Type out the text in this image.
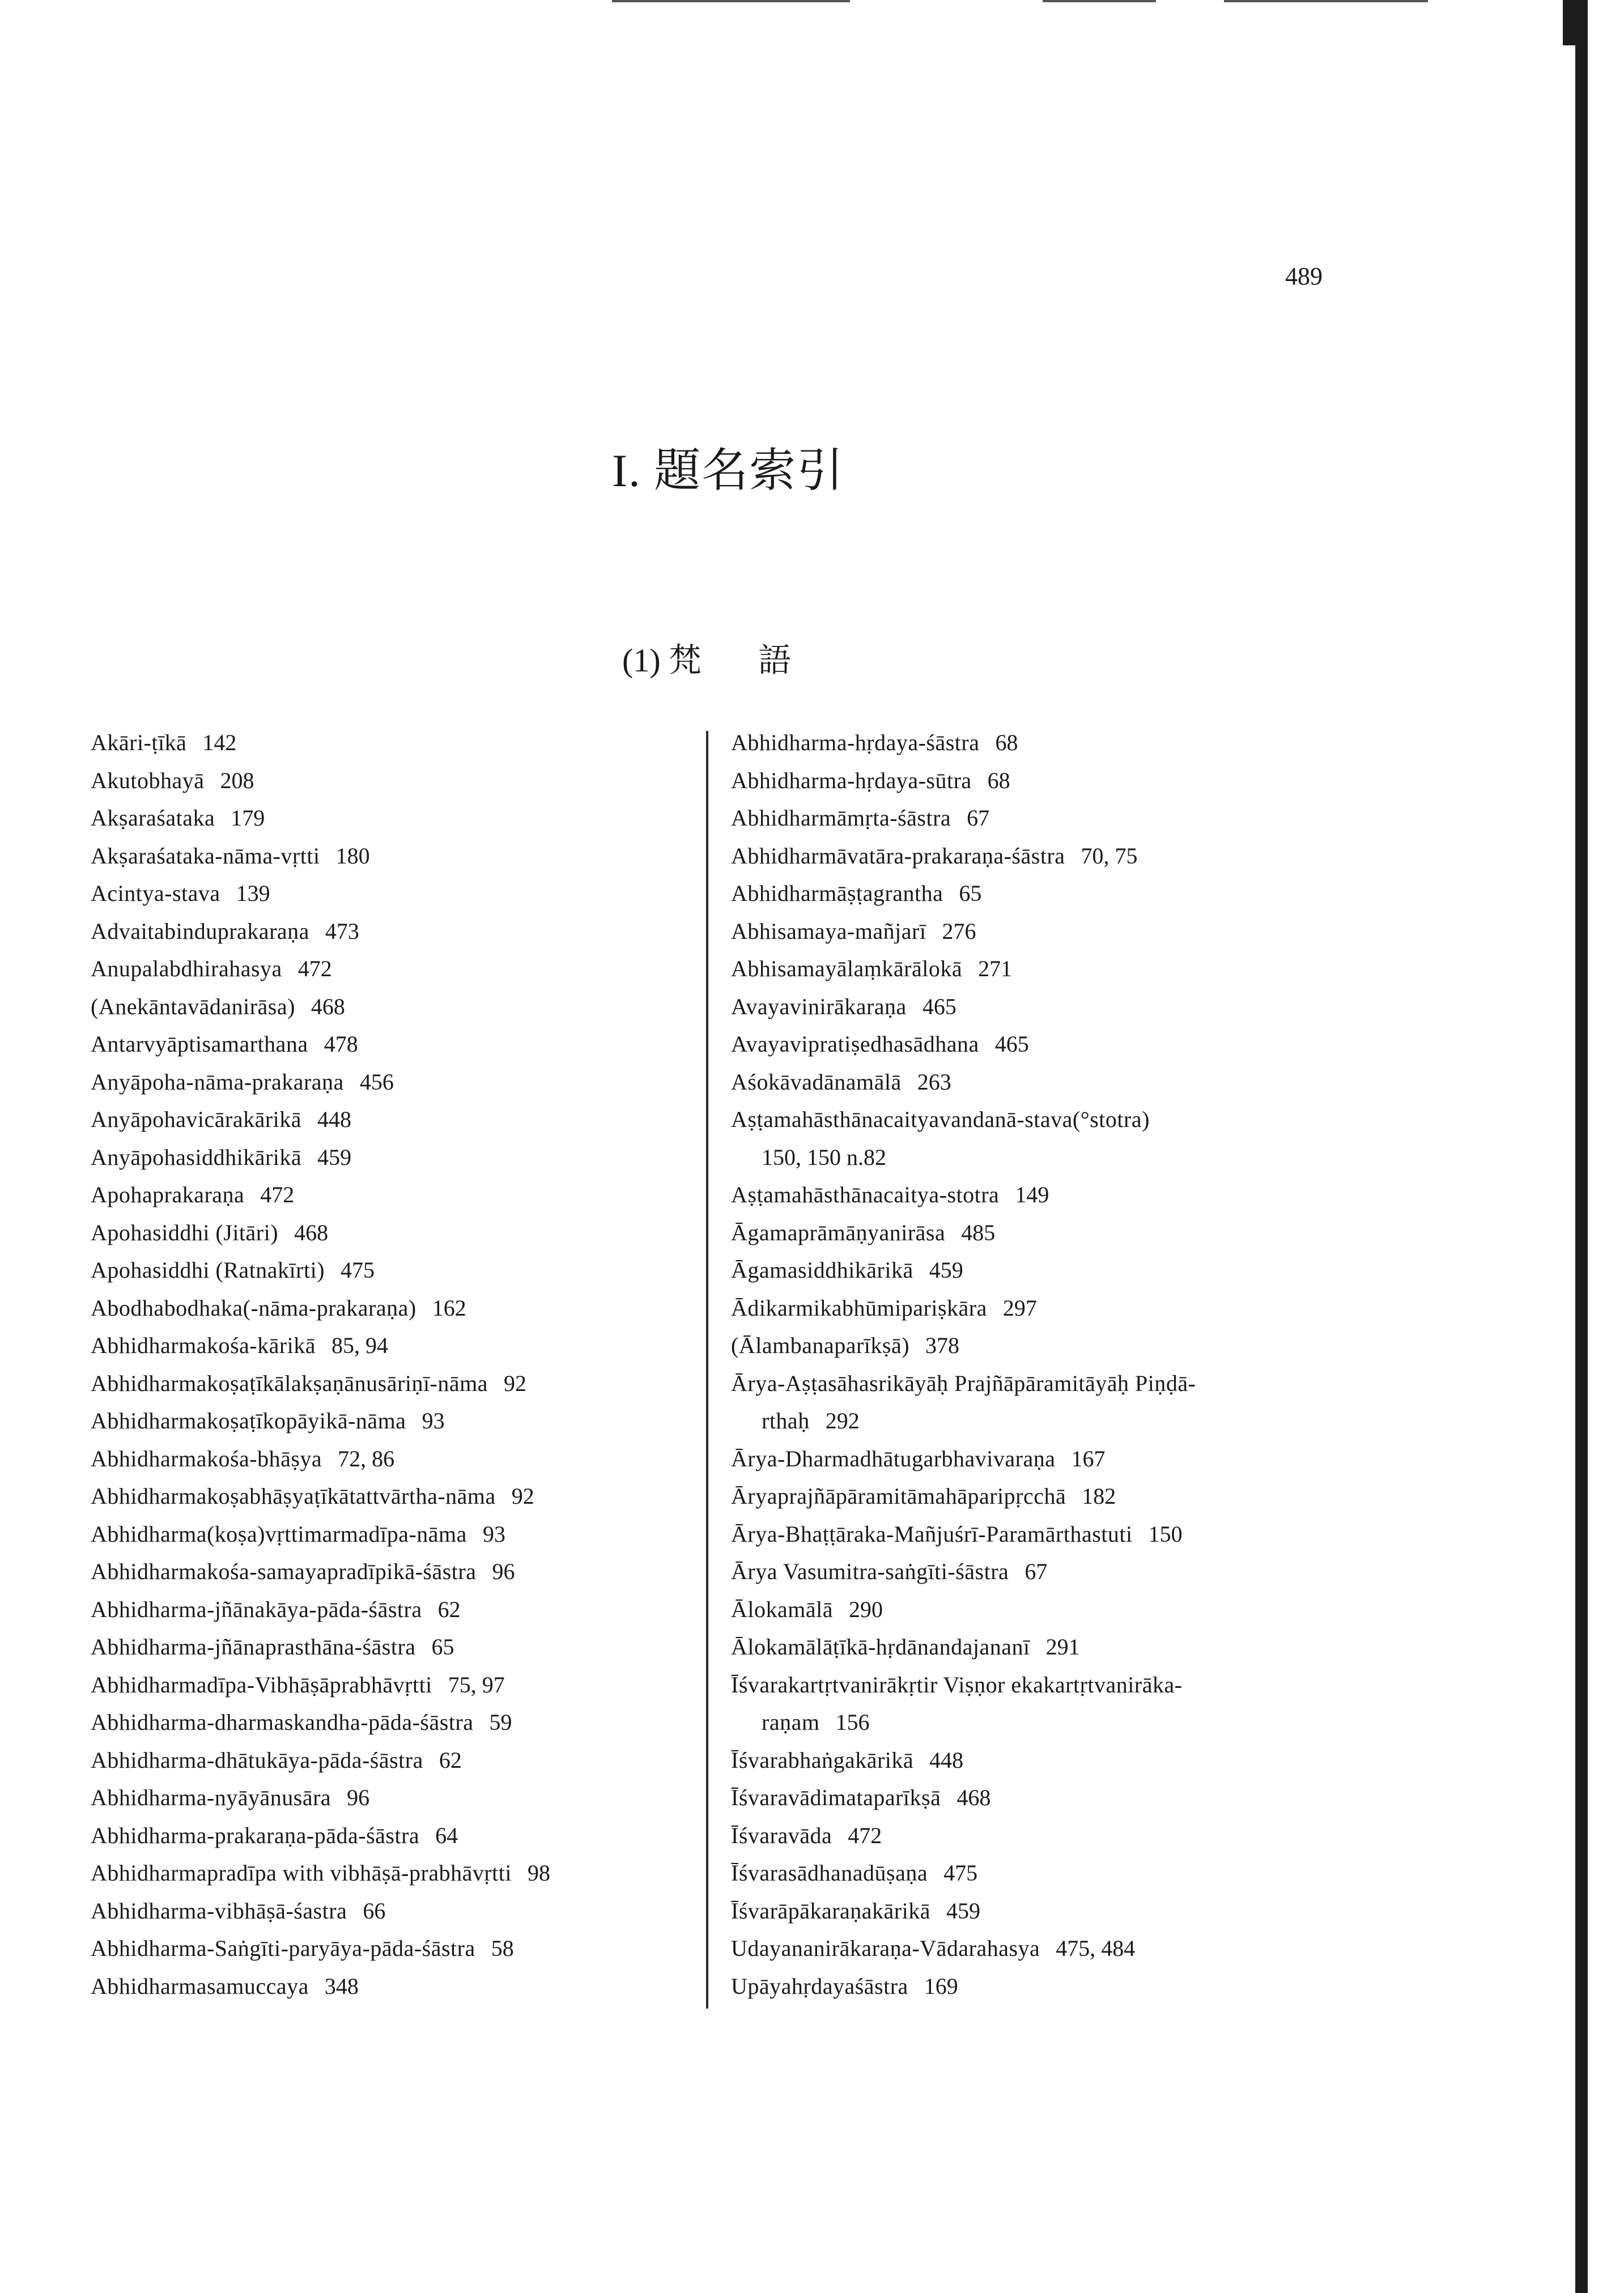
489
I. 題名索引
(1) 梵 語
Akāri-ṭīkā 142
Akutobhayā 208
Akṣaraśataka 179
Akṣaraśataka-nāma-vṛtti 180
Acintya-stava 139
Advaitabinduprakaraṇa 473
Anupalabdhirahasya 472
(Anekāntavādanirāsa) 468
Antarvyāptisamarthana 478
Anyāpoha-nāma-prakaraṇa 456
Anyāpohavicārakārikā 448
Anyāpohasiddhikārikā 459
Apohaprakaraṇa 472
Apohasiddhi (Jitāri) 468
Apohasiddhi (Ratnakīrti) 475
Abodhabodhaka(-nāma-prakaraṇa) 162
Abhidharmakośa-kārikā 85, 94
Abhidharmakoṣaṭīkālakṣaṇānusāriṇī-nāma 92
Abhidharmakoṣaṭīkopāyikā-nāma 93
Abhidharmakośa-bhāṣya 72, 86
Abhidharmakoṣabhāṣyaṭīkātattvārtha-nāma 92
Abhidharma(koṣa)vṛttimarmadīpa-nāma 93
Abhidharmakośa-samayapradīpikā-śāstra 96
Abhidharma-jñānakāya-pāda-śāstra 62
Abhidharma-jñānaprasthāna-śāstra 65
Abhidharmadīpa-Vibhāṣāprabhāvṛtti 75, 97
Abhidharma-dharmaskandha-pāda-śāstra 59
Abhidharma-dhātukāya-pāda-śāstra 62
Abhidharma-nyāyānusāra 96
Abhidharma-prakaraṇa-pāda-śāstra 64
Abhidharmapradīpa with vibhāṣā-prabhāvṛtti 98
Abhidharma-vibhāṣā-śastra 66
Abhidharma-Saṅgīti-paryāya-pāda-śāstra 58
Abhidharmasamuccaya 348
Abhidharma-hṛdaya-śāstra 68
Abhidharma-hṛdaya-sūtra 68
Abhidharmāmṛta-śāstra 67
Abhidharmāvatāra-prakaraṇa-śāstra 70, 75
Abhidharmāṣṭagrantha 65
Abhisamaya-mañjarī 276
Abhisamayālaṃkārālokā 271
Avayavinirākaraṇa 465
Avayavipratiṣedhasādhana 465
Aśokāvadānamālā 263
Aṣṭamahāsthānacaityavandanā-stava(°stotra)
150, 150 n.82
Aṣṭamahāsthānacaitya-stotra 149
Āgamaprāmāṇyanirāsa 485
Āgamasiddhikārikā 459
Ādikarmikabhūmipariṣkāra 297
(Ālambanaparīkṣā) 378
Ārya-Aṣṭasāhasrikāyāḥ Prajñāpāramitāyāḥ Piṇḍā-
rthaḥ 292
Ārya-Dharmadhātugarbhavivaraṇa 167
Āryaprajñāpāramitāmahāparipṛcchā 182
Ārya-Bhaṭṭāraka-Mañjuśrī-Paramārthastuti 150
Ārya Vasumitra-saṅgīti-śāstra 67
Ālokamālā 290
Ālokamālāṭīkā-hṛdānandajananī 291
Īśvarakartṛtvanirākṛtir Viṣṇor ekakartṛtvanirāka-
raṇam 156
Īśvarabhaṅgakārikā 448
Īśvaravādimataparīkṣā 468
Īśvaravāda 472
Īśvarasādhanadūṣaṇa 475
Īśvarāpākaraṇakārikā 459
Udayananirākaraṇa-Vādarahasya 475, 484
Upāyahṛdayaśāstra 169
